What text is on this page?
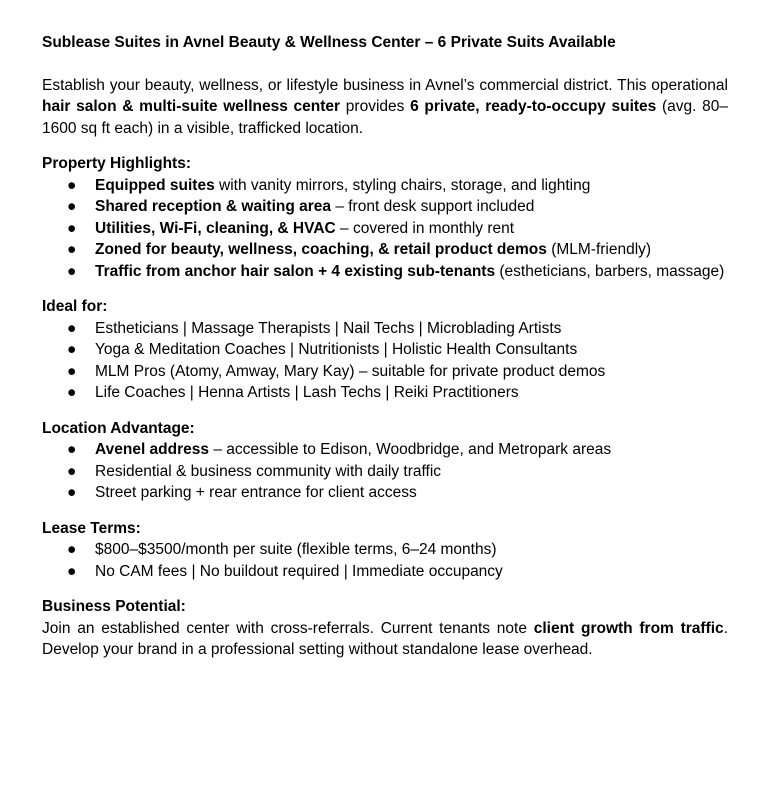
Sublease Suites in Avnel Beauty & Wellness Center – 6 Private Suits Available

Establish your beauty, wellness, or lifestyle business in Avnel’s commercial district. This operational hair salon & multi-suite wellness center provides 6 private, ready-to-occupy suites (avg. 80–1600 sq ft each) in a visible, trafficked location.

Property Highlights:

● Equipped suites with vanity mirrors, styling chairs, storage, and lighting
● Shared reception & waiting area – front desk support included
● Utilities, Wi-Fi, cleaning, & HVAC – covered in monthly rent
● Zoned for beauty, wellness, coaching, & retail product demos (MLM-friendly)
● Traffic from anchor hair salon + 4 existing sub-tenants (estheticians, barbers, massage)

Ideal for:

● Estheticians | Massage Therapists | Nail Techs | Microblading Artists
● Yoga & Meditation Coaches | Nutritionists | Holistic Health Consultants
● MLM Pros (Atomy, Amway, Mary Kay) – suitable for private product demos
● Life Coaches | Henna Artists | Lash Techs | Reiki Practitioners

Location Advantage:

● Avenel address – accessible to Edison, Woodbridge, and Metropark areas
● Residential & business community with daily traffic
● Street parking + rear entrance for client access

Lease Terms:

● $800–$3500/month per suite (flexible terms, 6–24 months)
● No CAM fees | No buildout required | Immediate occupancy

Business Potential:

Join an established center with cross-referrals. Current tenants note client growth from traffic. Develop your brand in a professional setting without standalone lease overhead.
